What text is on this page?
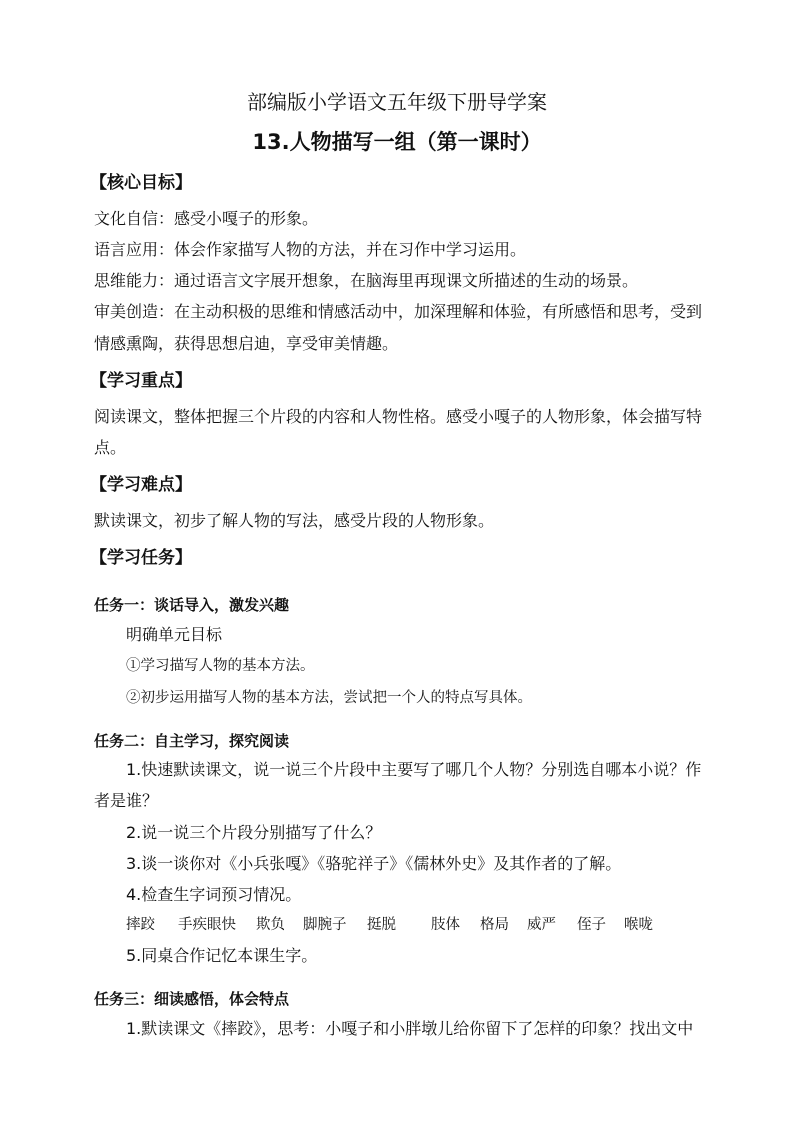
部编版小学语文五年级下册导学案
13.人物描写一组（第一课时）
【核心目标】
文化自信：感受小嘎子的形象。
语言应用：体会作家描写人物的方法，并在习作中学习运用。
思维能力：通过语言文字展开想象，在脑海里再现课文所描述的生动的场景。
审美创造：在主动积极的思维和情感活动中，加深理解和体验，有所感悟和思考，受到
情感熏陶，获得思想启迪，享受审美情趣。
【学习重点】
阅读课文，整体把握三个片段的内容和人物性格。感受小嘎子的人物形象，体会描写特
点。
【学习难点】
默读课文，初步了解人物的写法，感受片段的人物形象。
【学习任务】
任务一：谈话导入，激发兴趣
明确单元目标
①学习描写人物的基本方法。
②初步运用描写人物的基本方法，尝试把一个人的特点写具体。
任务二：自主学习，探究阅读
1.快速默读课文，说一说三个片段中主要写了哪几个人物？分别选自哪本小说？作
者是谁？
2.说一说三个片段分别描写了什么？
3.谈一谈你对《小兵张嘎》《骆驼祥子》《儒林外史》及其作者的了解。
4.检查生字词预习情况。
摔跤 手疾眼快 欺负 脚腕子 挺脱 肢体 格局 威严 侄子 喉咙
5.同桌合作记忆本课生字。
任务三：细读感悟，体会特点
1.默读课文《摔跤》，思考：小嘎子和小胖墩儿给你留下了怎样的印象？找出文中
